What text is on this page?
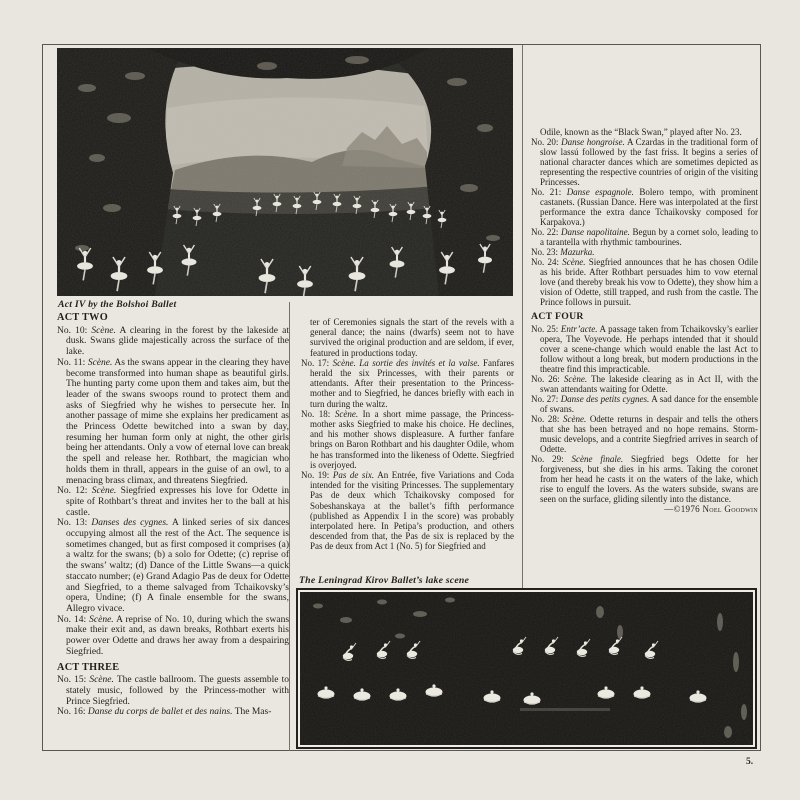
Act IV by the Bolshoi Ballet
ACT TWO

No. 10: Scène. A clearing in the forest by the lakeside at dusk. Swans glide majestically across the surface of the lake.

No. 11: Scène. As the swans appear in the clearing they have become transformed into human shape as beautiful girls. The hunting party come upon them and takes aim, but the leader of the swans swoops round to protect them and asks of Siegfried why he wishes to persecute her. In another passage of mime she explains her predicament as the Princess Odette bewitched into a swan by day, resuming her human form only at night, the other girls being her attendants. Only a vow of eternal love can break the spell and release her. Rothbart, the magician who holds them in thrall, appears in the guise of an owl, to a menacing brass climax, and threatens Siegfried.

No. 12: Scène. Siegfried expresses his love for Odette in spite of Rothbart’s threat and invites her to the ball at his castle.

No. 13: Danses des cygnes. A linked series of six dances occupying almost all the rest of the Act. The sequence is sometimes changed, but as first composed it comprises (a) a waltz for the swans; (b) a solo for Odette; (c) reprise of the swans’ waltz; (d) Dance of the Little Swans—a quick staccato number; (e) Grand Adagio Pas de deux for Odette and Siegfried, to a theme salvaged from Tchaikovsky’s opera, Undine; (f) A finale ensemble for the swans, Allegro vivace.

No. 14: Scène. A reprise of No. 10, during which the swans make their exit and, as dawn breaks, Rothbart exerts his power over Odette and draws her away from a despairing Siegfried.

ACT THREE

No. 15: Scène. The castle ballroom. The guests assemble to stately music, followed by the Princess-mother with Prince Siegfried.

No. 16: Danse du corps de ballet et des nains. The Mas-

ter of Ceremonies signals the start of the revels with a general dance; the nains (dwarfs) seem not to have survived the original production and are seldom, if ever, featured in productions today.

No. 17: Scène. La sortie des invités et la valse. Fanfares herald the six Princesses, with their parents or attendants. After their presentation to the Princess-mother and to Siegfried, he dances briefly with each in turn during the waltz.

No. 18: Scène. In a short mime passage, the Princess-mother asks Siegfried to make his choice. He declines, and his mother shows displeasure. A further fanfare brings on Baron Rothbart and his daughter Odile, whom he has transformed into the likeness of Odette. Siegfried is overjoyed.

No. 19: Pas de six. An Entrée, five Variations and Coda intended for the visiting Princesses. The supplementary Pas de deux which Tchaikovsky composed for Sobeshanskaya at the ballet’s fifth performance (published as Appendix I in the score) was probably interpolated here. In Petipa’s production, and others descended from that, the Pas de six is replaced by the Pas de deux from Act 1 (No. 5) for Siegfried and

The Leningrad Kirov Ballet’s lake scene

Odile, known as the “Black Swan,” played after No. 23.

No. 20: Danse hongroise. A Czardas in the traditional form of slow lassú followed by the fast friss. It begins a series of national character dances which are sometimes depicted as representing the respective countries of origin of the visiting Princesses.

No. 21: Danse espagnole. Bolero tempo, with prominent castanets. (Russian Dance. Here was interpolated at the first performance the extra dance Tchaikovsky composed for Karpakova.)

No. 22: Danse napolitaine. Begun by a cornet solo, leading to a tarantella with rhythmic tambourines.

No. 23: Mazurka.

No. 24: Scène. Siegfried announces that he has chosen Odile as his bride. After Rothbart persuades him to vow eternal love (and thereby break his vow to Odette), they show him a vision of Odette, still trapped, and rush from the castle. The Prince follows in pursuit.

ACT FOUR

No. 25: Entr’acte. A passage taken from Tchaikovsky’s earlier opera, The Voyevode. He perhaps intended that it should cover a scene-change which would enable the last Act to follow without a long break, but modern productions in the theatre find this impracticable.

No. 26: Scène. The lakeside clearing as in Act II, with the swan attendants waiting for Odette.

No. 27: Danse des petits cygnes. A sad dance for the ensemble of swans.

No. 28: Scène. Odette returns in despair and tells the others that she has been betrayed and no hope remains. Storm-music develops, and a contrite Siegfried arrives in search of Odette.

No. 29: Scène finale. Siegfried begs Odette for her forgiveness, but she dies in his arms. Taking the coronet from her head he casts it on the waters of the lake, which rise to engulf the lovers. As the waters subside, swans are seen on the surface, gliding silently into the distance.
—©1976 Noel Goodwin

5.
